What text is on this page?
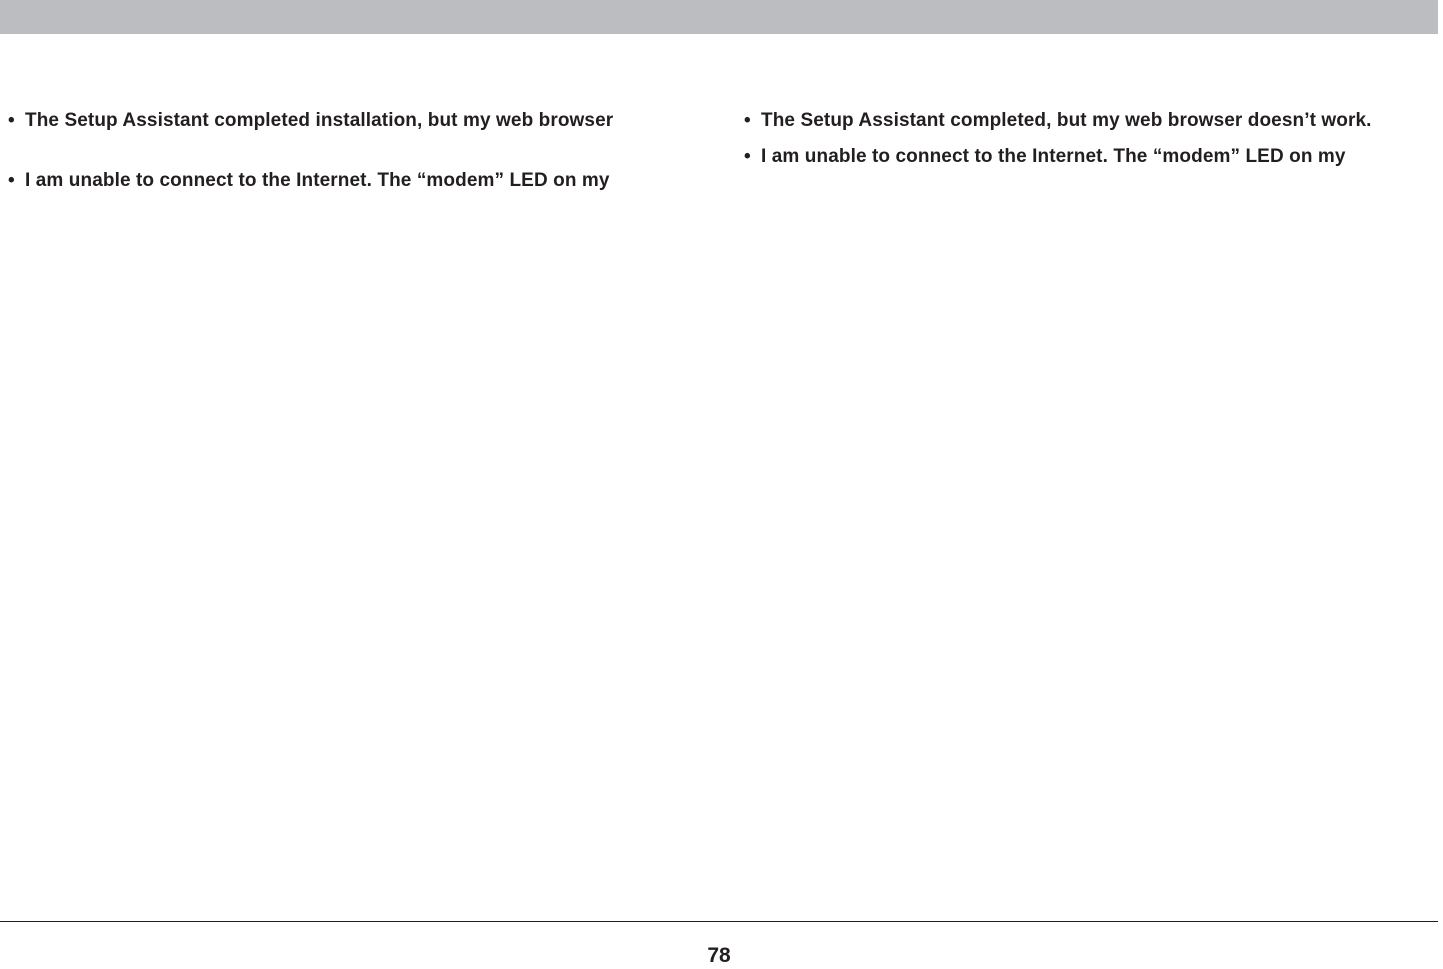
• The Setup Assistant completed installation, but my web browser
• I am unable to connect to the Internet. The “modem” LED on my
• The Setup Assistant completed, but my web browser doesn’t work.
• I am unable to connect to the Internet. The “modem” LED on my
78
